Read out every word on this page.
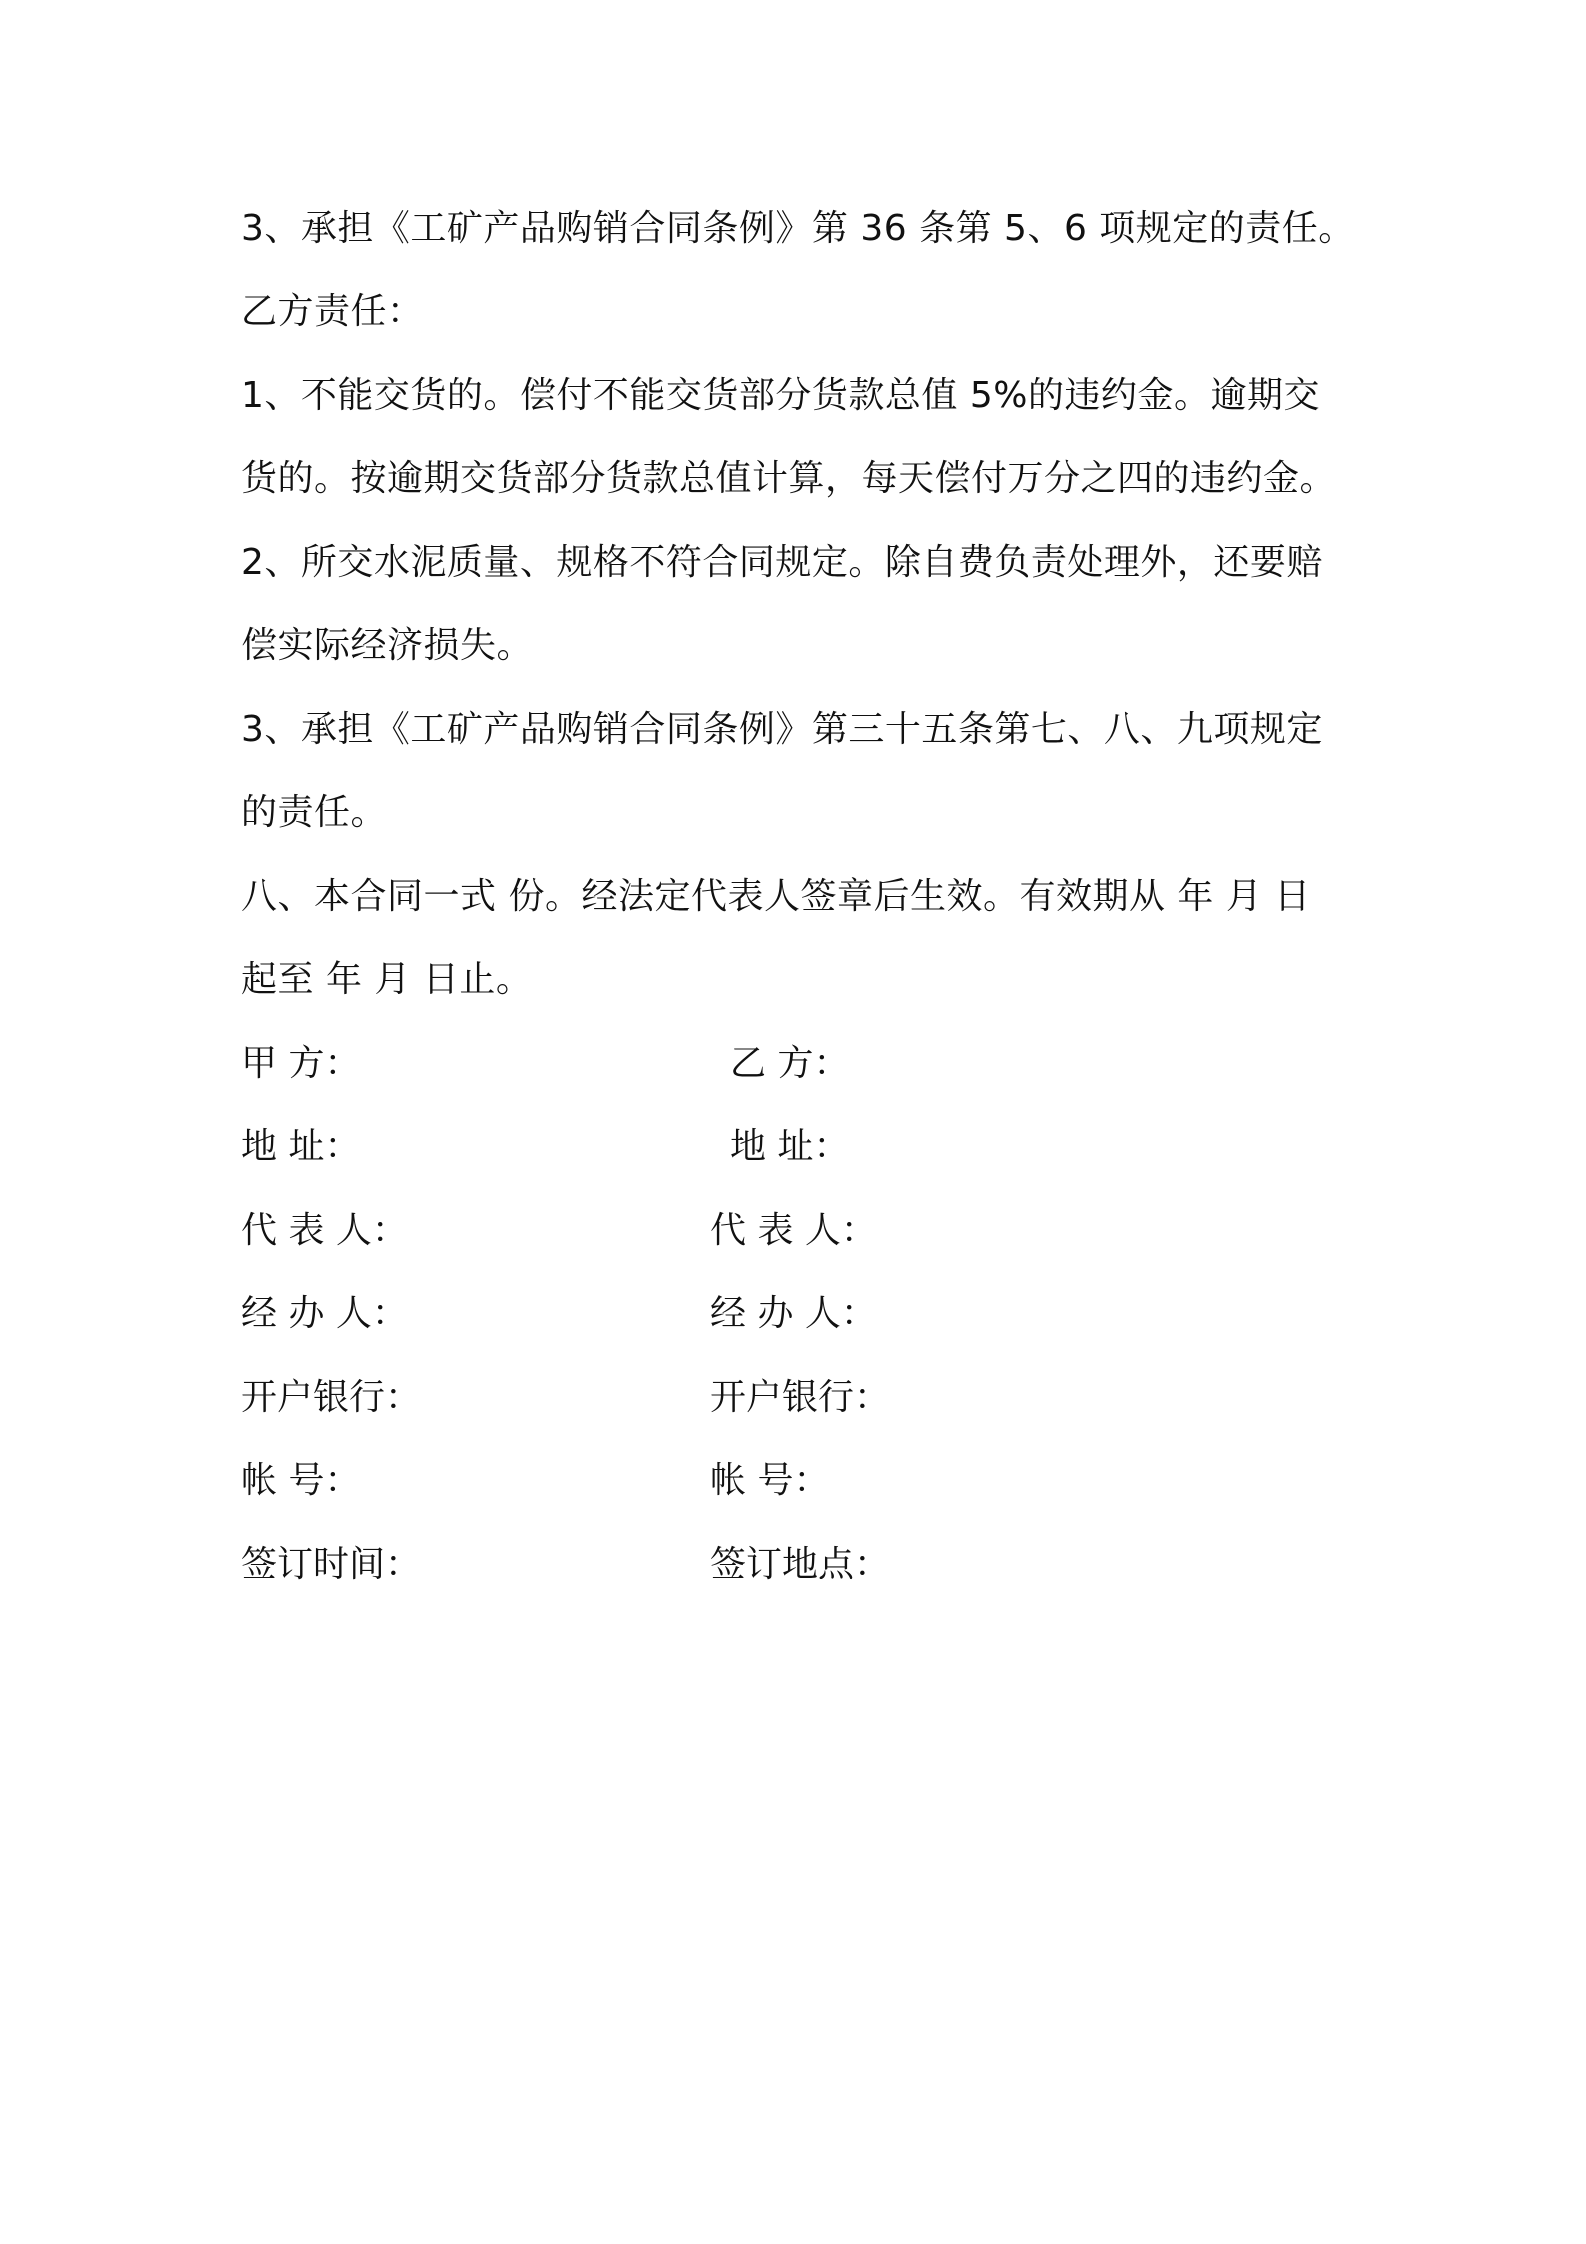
3、承担《工矿产品购销合同条例》第 36 条第 5、6 项规定的责任。
乙方责任：
1、不能交货的。偿付不能交货部分货款总值 5%的违约金。逾期交
货的。按逾期交货部分货款总值计算，每天偿付万分之四的违约金。
2、所交水泥质量、规格不符合同规定。除自费负责处理外，还要赔
偿实际经济损失。
3、承担《工矿产品购销合同条例》第三十五条第七、八、九项规定
的责任。
八、本合同一式 份。经法定代表人签章后生效。有效期从 年 月 日
起至 年 月 日止。
甲 方：
地 址：
代 表 人：
经 办 人：
开户银行：
帐 号：
签订时间：
乙 方：
地 址：
代 表 人：
经 办 人：
开户银行：
帐 号：
签订地点：
